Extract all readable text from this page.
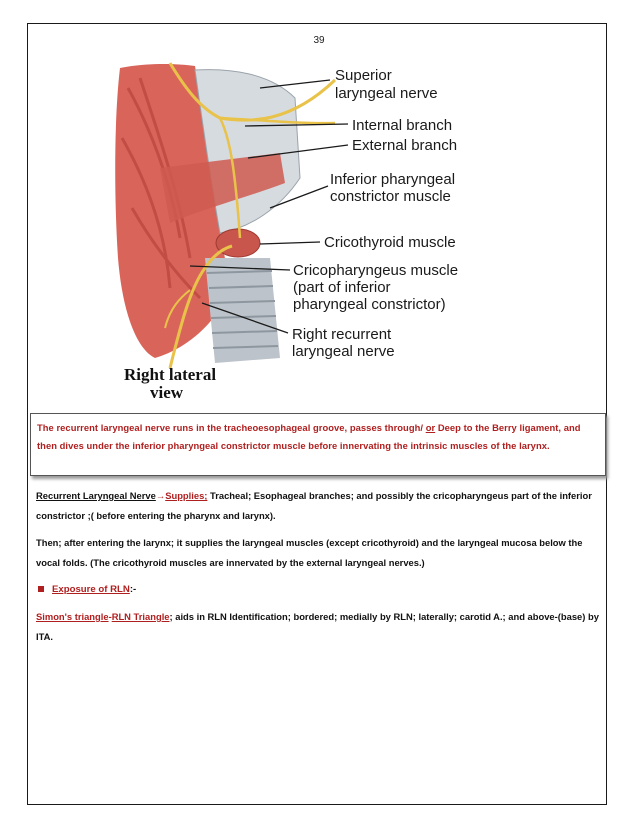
39
Superior
laryngeal nerve
Internal branch
External branch
Inferior pharyngeal
constrictor muscle
Cricothyroid muscle
Cricopharyngeus muscle
(part of inferior
pharyngeal constrictor)
Right recurrent
laryngeal nerve
Right lateral
view

The recurrent laryngeal nerve runs in the tracheoesophageal groove, passes through/ or Deep to the Berry ligament, and then dives under the inferior pharyngeal constrictor muscle before innervating the intrinsic muscles of the larynx.

Recurrent Laryngeal Nerve→Supplies; Tracheal; Esophageal branches; and possibly the cricopharyngeus part of the inferior constrictor ;( before entering the pharynx and larynx).

Then; after entering the larynx; it supplies the laryngeal muscles (except cricothyroid) and the laryngeal mucosa below the vocal folds. (The cricothyroid muscles are innervated by the external laryngeal nerves.)

Exposure of RLN:-

Simon's triangle-RLN Triangle; aids in RLN Identification; bordered; medially by RLN; laterally; carotid A.; and above-(base) by ITA.
